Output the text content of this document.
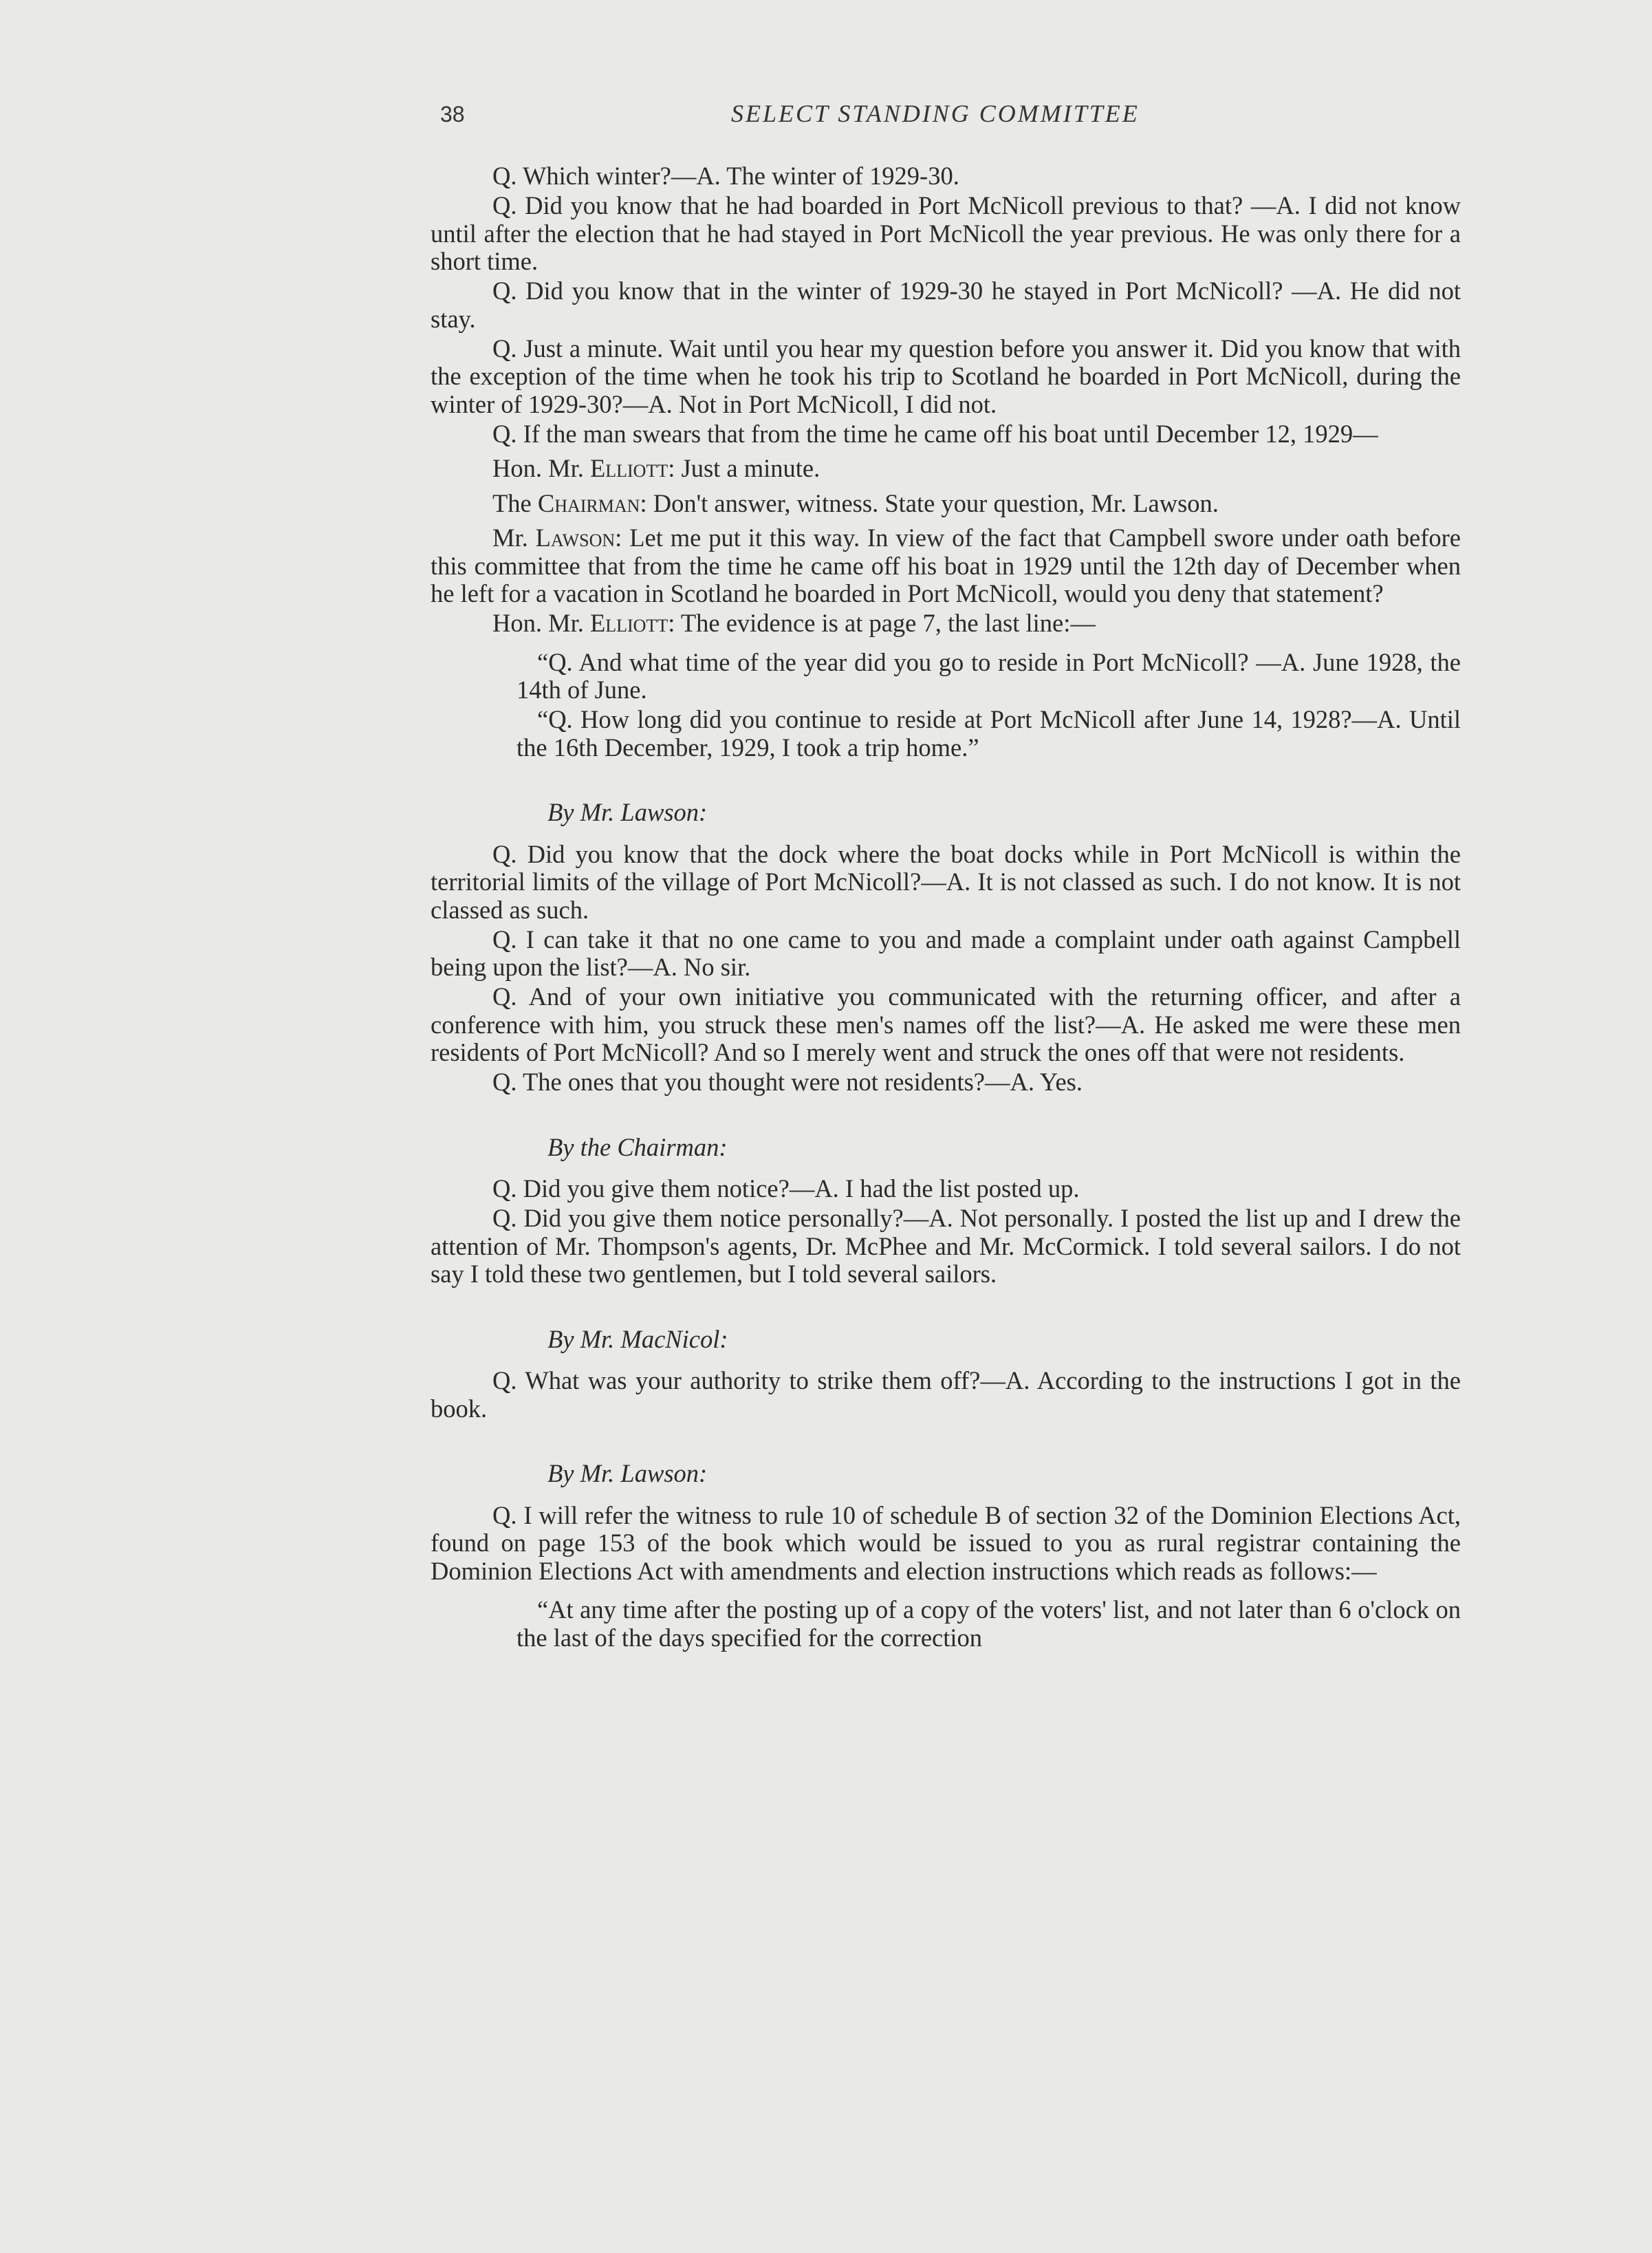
38	SELECT STANDING COMMITTEE
Q. Which winter?—A. The winter of 1929-30.
Q. Did you know that he had boarded in Port McNicoll previous to that? —A. I did not know until after the election that he had stayed in Port McNicoll the year previous. He was only there for a short time.
Q. Did you know that in the winter of 1929-30 he stayed in Port McNicoll? —A. He did not stay.
Q. Just a minute. Wait until you hear my question before you answer it. Did you know that with the exception of the time when he took his trip to Scotland he boarded in Port McNicoll, during the winter of 1929-30?—A. Not in Port McNicoll, I did not.
Q. If the man swears that from the time he came off his boat until December 12, 1929—
Hon. Mr. Elliott: Just a minute.
The Chairman: Don't answer, witness. State your question, Mr. Lawson.
Mr. Lawson: Let me put it this way. In view of the fact that Campbell swore under oath before this committee that from the time he came off his boat in 1929 until the 12th day of December when he left for a vacation in Scotland he boarded in Port McNicoll, would you deny that statement?
Hon. Mr. Elliott: The evidence is at page 7, the last line:—
“Q. And what time of the year did you go to reside in Port McNicoll? —A. June 1928, the 14th of June.
“Q. How long did you continue to reside at Port McNicoll after June 14, 1928?—A. Until the 16th December, 1929, I took a trip home.”
By Mr. Lawson:
Q. Did you know that the dock where the boat docks while in Port McNicoll is within the territorial limits of the village of Port McNicoll?—A. It is not classed as such. I do not know. It is not classed as such.
Q. I can take it that no one came to you and made a complaint under oath against Campbell being upon the list?—A. No sir.
Q. And of your own initiative you communicated with the returning officer, and after a conference with him, you struck these men's names off the list?—A. He asked me were these men residents of Port McNicoll? And so I merely went and struck the ones off that were not residents.
Q. The ones that you thought were not residents?—A. Yes.
By the Chairman:
Q. Did you give them notice?—A. I had the list posted up.
Q. Did you give them notice personally?—A. Not personally. I posted the list up and I drew the attention of Mr. Thompson's agents, Dr. McPhee and Mr. McCormick. I told several sailors. I do not say I told these two gentlemen, but I told several sailors.
By Mr. MacNicol:
Q. What was your authority to strike them off?—A. According to the instructions I got in the book.
By Mr. Lawson:
Q. I will refer the witness to rule 10 of schedule B of section 32 of the Dominion Elections Act, found on page 153 of the book which would be issued to you as rural registrar containing the Dominion Elections Act with amendments and election instructions which reads as follows:—
“At any time after the posting up of a copy of the voters' list, and not later than 6 o'clock on the last of the days specified for the correction
